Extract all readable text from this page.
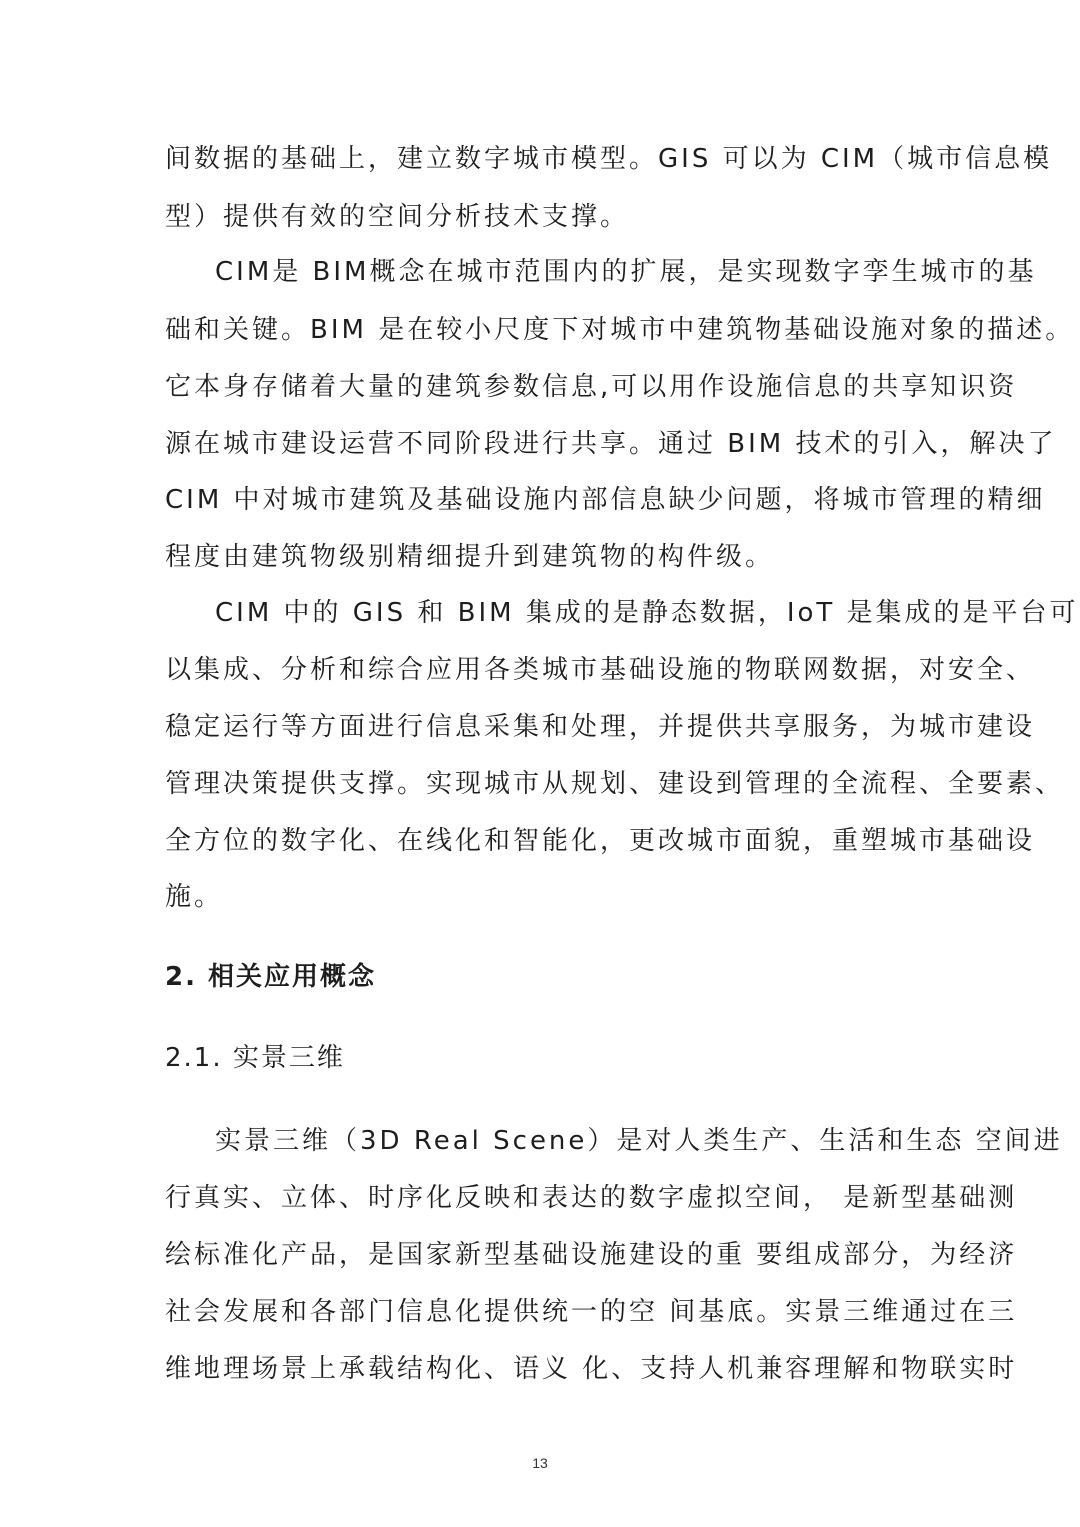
间数据的基础上，建立数字城市模型。GIS 可以为 CIM（城市信息模
型）提供有效的空间分析技术支撑。
CIM是 BIM概念在城市范围内的扩展，是实现数字孪生城市的基
础和关键。BIM 是在较小尺度下对城市中建筑物基础设施对象的描述。
它本身存储着大量的建筑参数信息,可以用作设施信息的共享知识资
源在城市建设运营不同阶段进行共享。通过 BIM 技术的引入，解决了
CIM 中对城市建筑及基础设施内部信息缺少问题，将城市管理的精细
程度由建筑物级别精细提升到建筑物的构件级。
CIM 中的 GIS 和 BIM 集成的是静态数据，IoT 是集成的是平台可
以集成、分析和综合应用各类城市基础设施的物联网数据，对安全、
稳定运行等方面进行信息采集和处理，并提供共享服务，为城市建设
管理决策提供支撑。实现城市从规划、建设到管理的全流程、全要素、
全方位的数字化、在线化和智能化，更改城市面貌，重塑城市基础设
施。
2. 相关应用概念
2.1. 实景三维
实景三维（3D Real Scene）是对人类生产、生活和生态 空间进
行真实、立体、时序化反映和表达的数字虚拟空间， 是新型基础测
绘标准化产品，是国家新型基础设施建设的重 要组成部分，为经济
社会发展和各部门信息化提供统一的空 间基底。实景三维通过在三
维地理场景上承载结构化、语义 化、支持人机兼容理解和物联实时
13
